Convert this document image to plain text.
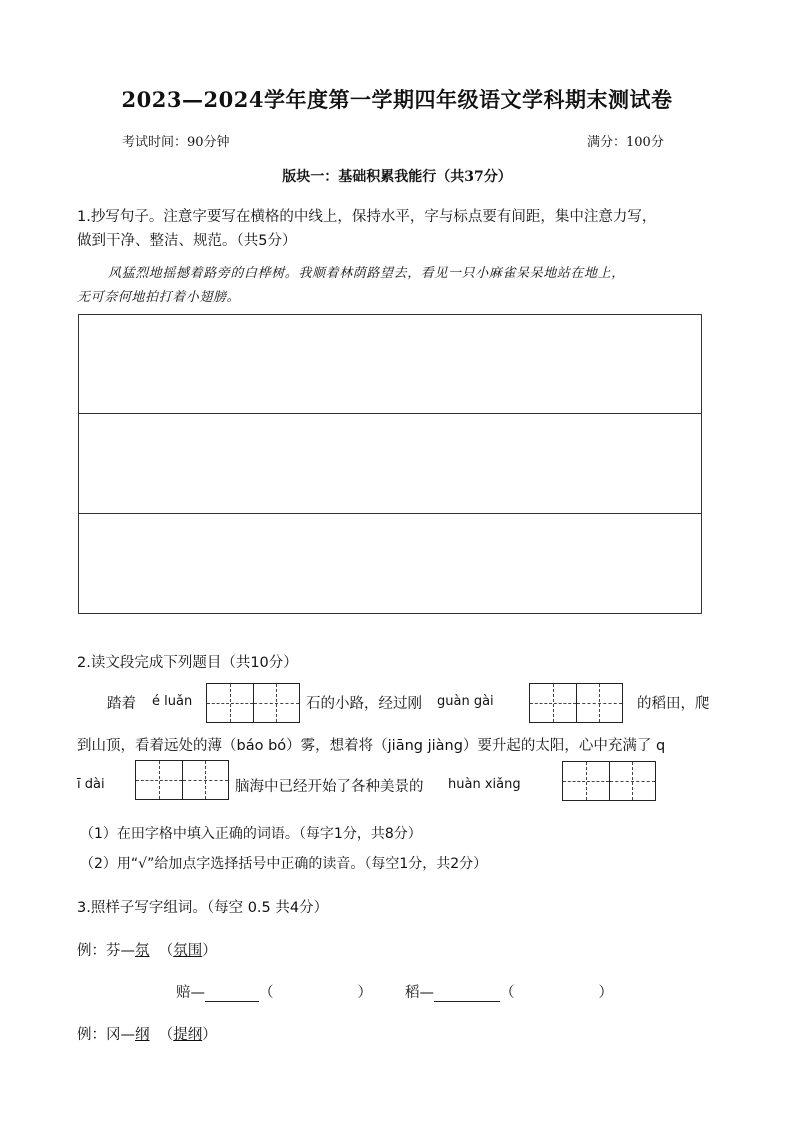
2023—2024学年度第一学期四年级语文学科期末测试卷
考试时间：90分钟	满分：100分
版块一：基础积累我能行（共37分）
1.抄写句子。注意字要写在横格的中线上，保持水平，字与标点要有间距，集中注意力写，
做到干净、整洁、规范。（共5分）
风猛烈地摇撼着路旁的白桦树。我顺着林荫路望去，看见一只小麻雀呆呆地站在地上，
无可奈何地拍打着小翅膀。
2.读文段完成下列题目（共10分）
踏着 é luǎn	石的小路，经过刚 guàn gài	的稻田，爬
到山顶，看着远处的薄（báo bó）雾，想着将（jiāng jiàng）要升起的太阳，心中充满了 q
ī dài	脑海中已经开始了各种美景的 huàn xiǎng
（1）在田字格中填入正确的词语。（每字1分，共8分）
（2）用“√”给加点字选择括号中正确的读音。（每空1分，共2分）
3.照样子写字组词。（每空 0.5 共4分）
例：芬—氛  （氛围）
赔—	（	） 稻—	（	）
例：冈—纲  （提纲）
